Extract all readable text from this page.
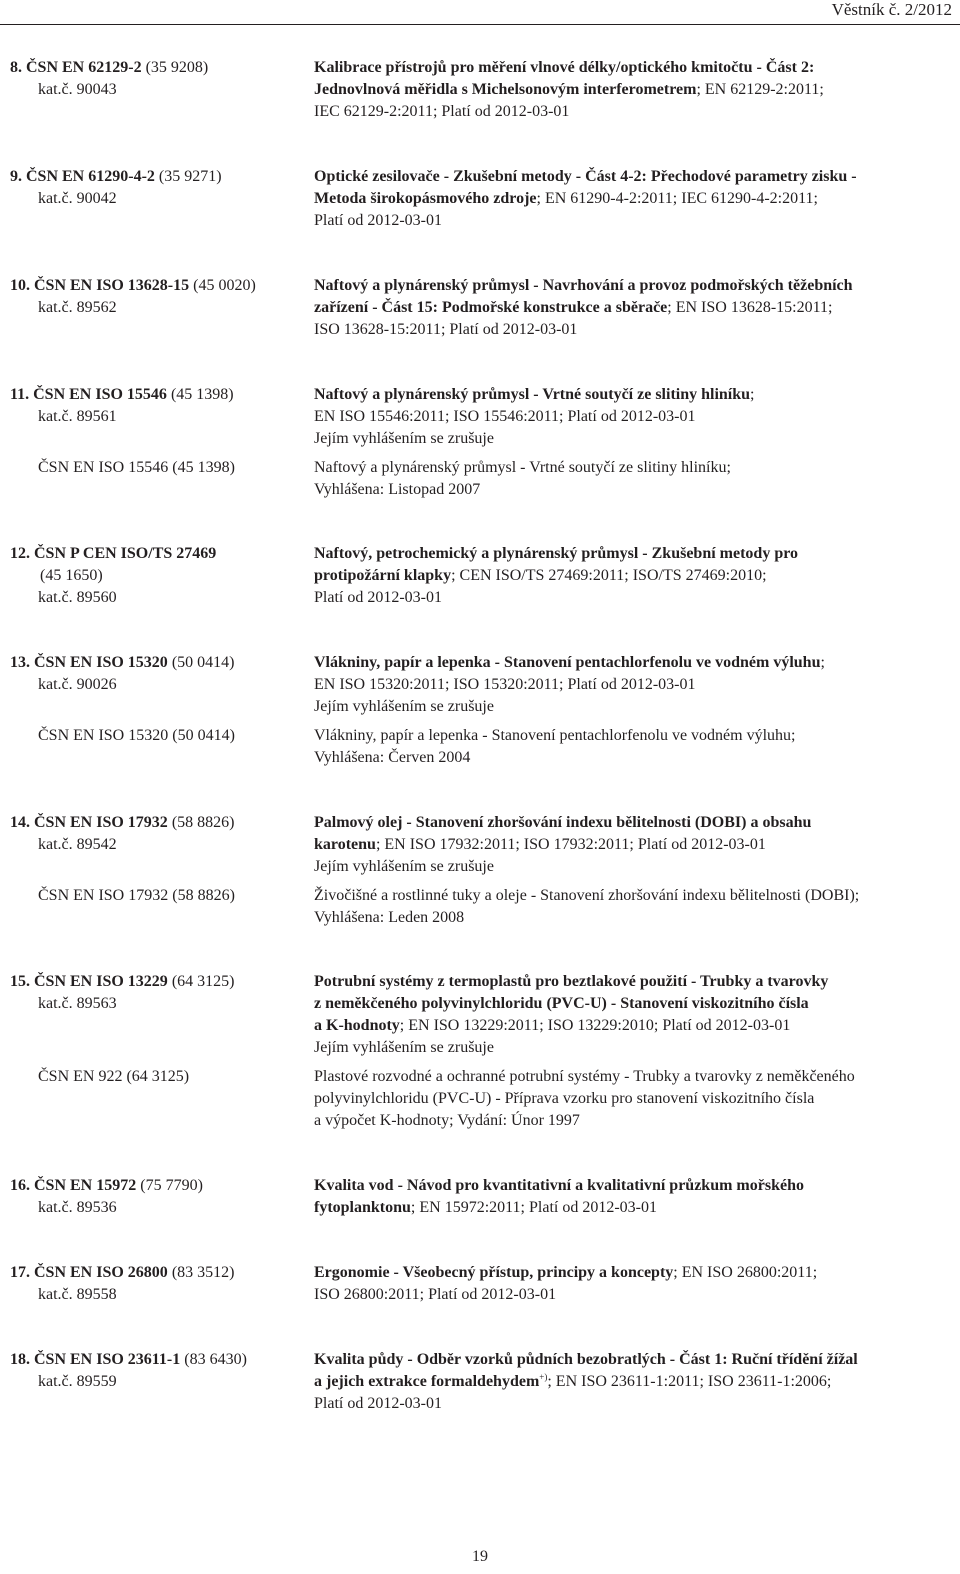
Věstník č. 2/2012
8. ČSN EN 62129-2 (35 9208)
kat.č. 90043
Kalibrace přístrojů pro měření vlnové délky/optického kmitočtu - Část 2:
Jednovlnová měřidla s Michelsonovým interferometrem; EN 62129-2:2011;
IEC 62129-2:2011; Platí od 2012-03-01
9. ČSN EN 61290-4-2 (35 9271)
kat.č. 90042
Optické zesilovače - Zkušební metody - Část 4-2: Přechodové parametry zisku -
Metoda širokopásmového zdroje; EN 61290-4-2:2011; IEC 61290-4-2:2011;
Platí od 2012-03-01
10. ČSN EN ISO 13628-15 (45 0020)
kat.č. 89562
Naftový a plynárenský průmysl - Navrhování a provoz podmořských těžebních
zařízení - Část 15: Podmořské konstrukce a sběrače; EN ISO 13628-15:2011;
ISO 13628-15:2011; Platí od 2012-03-01
11. ČSN EN ISO 15546 (45 1398)
kat.č. 89561
ČSN EN ISO 15546 (45 1398)
Naftový a plynárenský průmysl - Vrtné soutyčí ze slitiny hliníku;
EN ISO 15546:2011; ISO 15546:2011; Platí od 2012-03-01
Jejím vyhlášením se zrušuje
Naftový a plynárenský průmysl - Vrtné soutyčí ze slitiny hliníku;
Vyhlášena: Listopad 2007
12. ČSN P CEN ISO/TS 27469
(45 1650)
kat.č. 89560
Naftový, petrochemický a plynárenský průmysl - Zkušební metody pro
protipožární klapky; CEN ISO/TS 27469:2011; ISO/TS 27469:2010;
Platí od 2012-03-01
13. ČSN EN ISO 15320 (50 0414)
kat.č. 90026
ČSN EN ISO 15320 (50 0414)
Vlákniny, papír a lepenka - Stanovení pentachlorfenolu ve vodném výluhu;
EN ISO 15320:2011; ISO 15320:2011; Platí od 2012-03-01
Jejím vyhlášením se zrušuje
Vlákniny, papír a lepenka - Stanovení pentachlorfenolu ve vodném výluhu;
Vyhlášena: Červen 2004
14. ČSN EN ISO 17932 (58 8826)
kat.č. 89542
ČSN EN ISO 17932 (58 8826)
Palmový olej - Stanovení zhoršování indexu bělitelnosti (DOBI) a obsahu
karotenu; EN ISO 17932:2011; ISO 17932:2011; Platí od 2012-03-01
Jejím vyhlášením se zrušuje
Živočišné a rostlinné tuky a oleje - Stanovení zhoršování indexu bělitelnosti (DOBI);
Vyhlášena: Leden 2008
15. ČSN EN ISO 13229 (64 3125)
kat.č. 89563
ČSN EN 922 (64 3125)
Potrubní systémy z termoplastů pro beztlakové použití - Trubky a tvarovky
z neměkčeného polyvinylchloridu (PVC-U) - Stanovení viskozitního čísla
a K-hodnoty; EN ISO 13229:2011; ISO 13229:2010; Platí od 2012-03-01
Jejím vyhlášením se zrušuje
Plastové rozvodné a ochranné potrubní systémy - Trubky a tvarovky z neměkčeného
polyvinylchloridu (PVC-U) - Příprava vzorku pro stanovení viskozitního čísla
a výpočet K-hodnoty; Vydání: Únor 1997
16. ČSN EN 15972 (75 7790)
kat.č. 89536
Kvalita vod - Návod pro kvantitativní a kvalitativní průzkum mořského
fytoplanktonu; EN 15972:2011; Platí od 2012-03-01
17. ČSN EN ISO 26800 (83 3512)
kat.č. 89558
Ergonomie - Všeobecný přístup, principy a koncepty; EN ISO 26800:2011;
ISO 26800:2011; Platí od 2012-03-01
18. ČSN EN ISO 23611-1 (83 6430)
kat.č. 89559
Kvalita půdy - Odběr vzorků půdních bezobratlých - Část 1: Ruční třídění žížal
a jejich extrakce formaldehydem+); EN ISO 23611-1:2011; ISO 23611-1:2006;
Platí od 2012-03-01
19
